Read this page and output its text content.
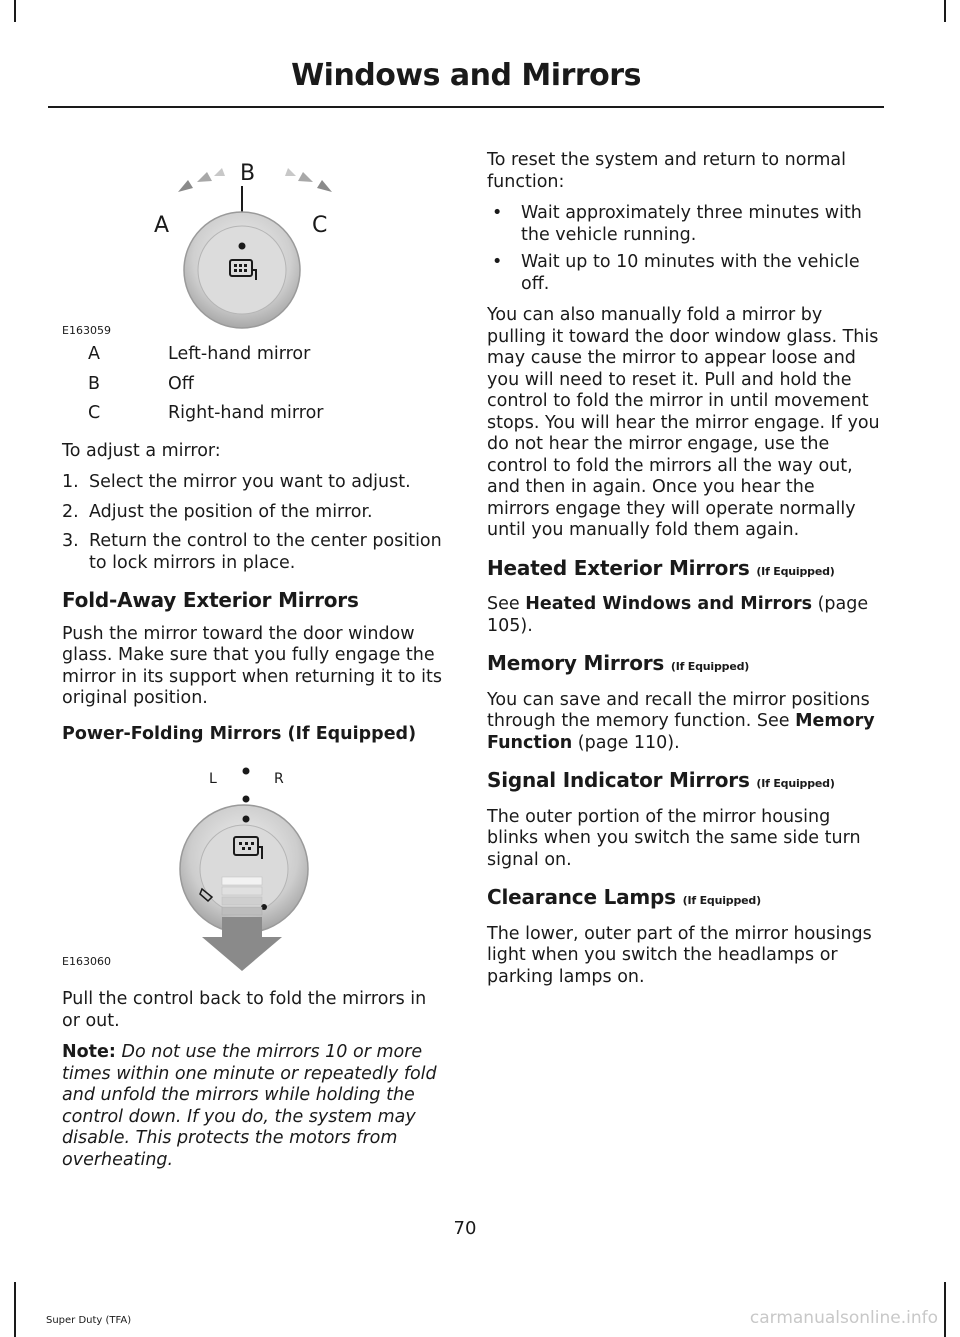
Windows and Mirrors
B
A	C
E163059
A	Left-hand mirror
B	Off
C	Right-hand mirror

To adjust a mirror:

1. Select the mirror you want to adjust.
2. Adjust the position of the mirror.
3. Return the control to the center position to lock mirrors in place.
Fold-Away Exterior Mirrors

Push the mirror toward the door window glass. Make sure that you fully engage the mirror in its support when returning it to its original position.

Power-Folding Mirrors (If Equipped)
L	R
E163060

Pull the control back to fold the mirrors in or out.

Note: Do not use the mirrors 10 or more times within one minute or repeatedly fold and unfold the mirrors while holding the control down. If you do, the system may disable. This protects the motors from overheating.

To reset the system and return to normal function:

• Wait approximately three minutes with the vehicle running.
• Wait up to 10 minutes with the vehicle off.

You can also manually fold a mirror by pulling it toward the door window glass. This may cause the mirror to appear loose and you will need to reset it. Pull and hold the control to fold the mirror in until movement stops. You will hear the mirror engage. If you do not hear the mirror engage, use the control to fold the mirrors all the way out, and then in again. Once you hear the mirrors engage they will operate normally until you manually fold them again.

Heated Exterior Mirrors (If Equipped)

See Heated Windows and Mirrors (page 105).

Memory Mirrors (If Equipped)

You can save and recall the mirror positions through the memory function. See Memory Function (page 110).

Signal Indicator Mirrors (If Equipped)

The outer portion of the mirror housing blinks when you switch the same side turn signal on.

Clearance Lamps (If Equipped)

The lower, outer part of the mirror housings light when you switch the headlamps or parking lamps on.

70
Super Duty (TFA)	carmanualsonline.info
